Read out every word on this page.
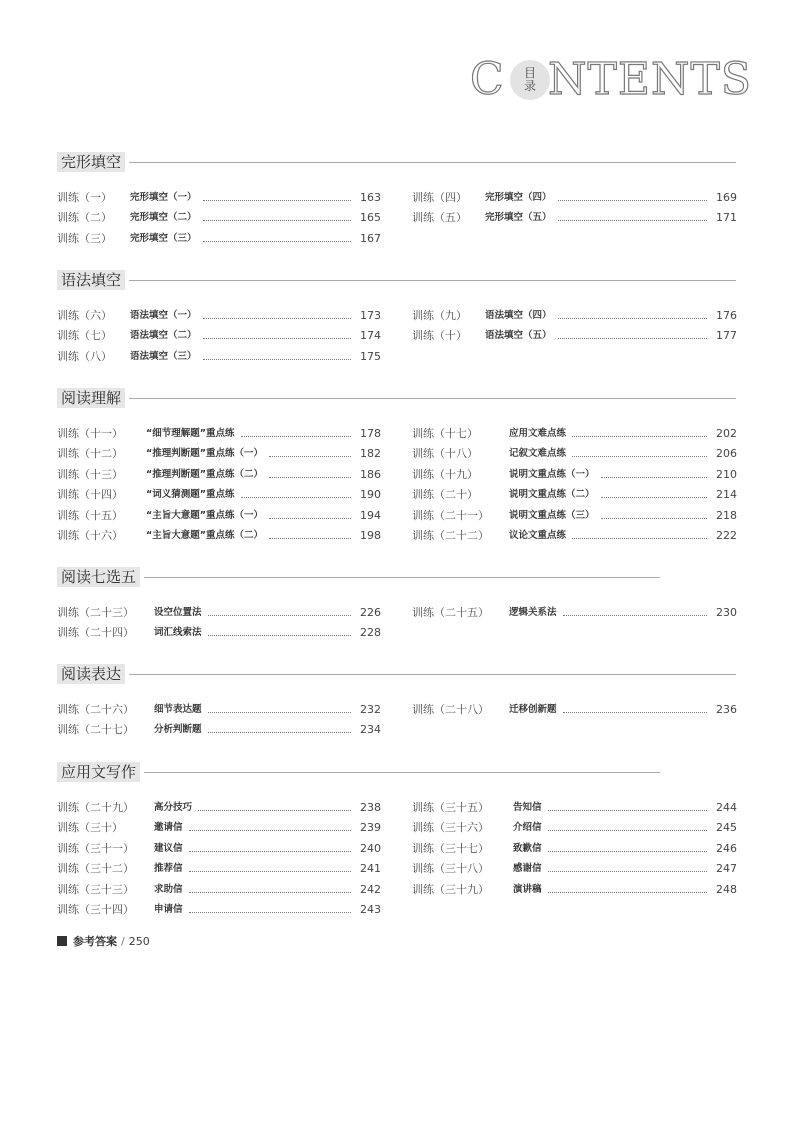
C 目
录 NTENTS
完形填空
训练（一） 完形填空（一）	163
训练（二） 完形填空（二）	165
训练（三） 完形填空（三）	167
训练（四） 完形填空（四）	169
训练（五） 完形填空（五）	171
语法填空
训练（六） 语法填空（一）	173
训练（七） 语法填空（二）	174
训练（八） 语法填空（三）	175
训练（九） 语法填空（四）	176
训练（十） 语法填空（五）	177
阅读理解
训练（十一） “细节理解题”重点练	178
训练（十二） “推理判断题”重点练（一）	182
训练（十三） “推理判断题”重点练（二）	186
训练（十四） “词义猜测题”重点练	190
训练（十五） “主旨大意题”重点练（一）	194
训练（十六） “主旨大意题”重点练（二）	198
训练（十七）	应用文难点练	202
训练（十八）	记叙文难点练	206
训练（十九）	说明文重点练（一）	210
训练（二十）	说明文重点练（二）	214
训练（二十一） 说明文重点练（三）	218
训练（二十二） 议论文重点练	222
阅读七选五
训练（二十三） 设空位置法	226
训练（二十四） 词汇线索法	228
训练（二十五） 逻辑关系法	230
阅读表达
训练（二十六） 细节表达题	232
训练（二十七） 分析判断题	234
训练（二十八） 迁移创新题	236
应用文写作
训练（二十九） 高分技巧	238
训练（三十）	邀请信	239
训练（三十一） 建议信	240
训练（三十二） 推荐信	241
训练（三十三） 求助信	242
训练（三十四） 申请信	243
训练（三十五）	告知信	244
训练（三十六）	介绍信	245
训练（三十七）	致歉信	246
训练（三十八）	感谢信	247
训练（三十九）	演讲稿	248
参考答案 / 250
